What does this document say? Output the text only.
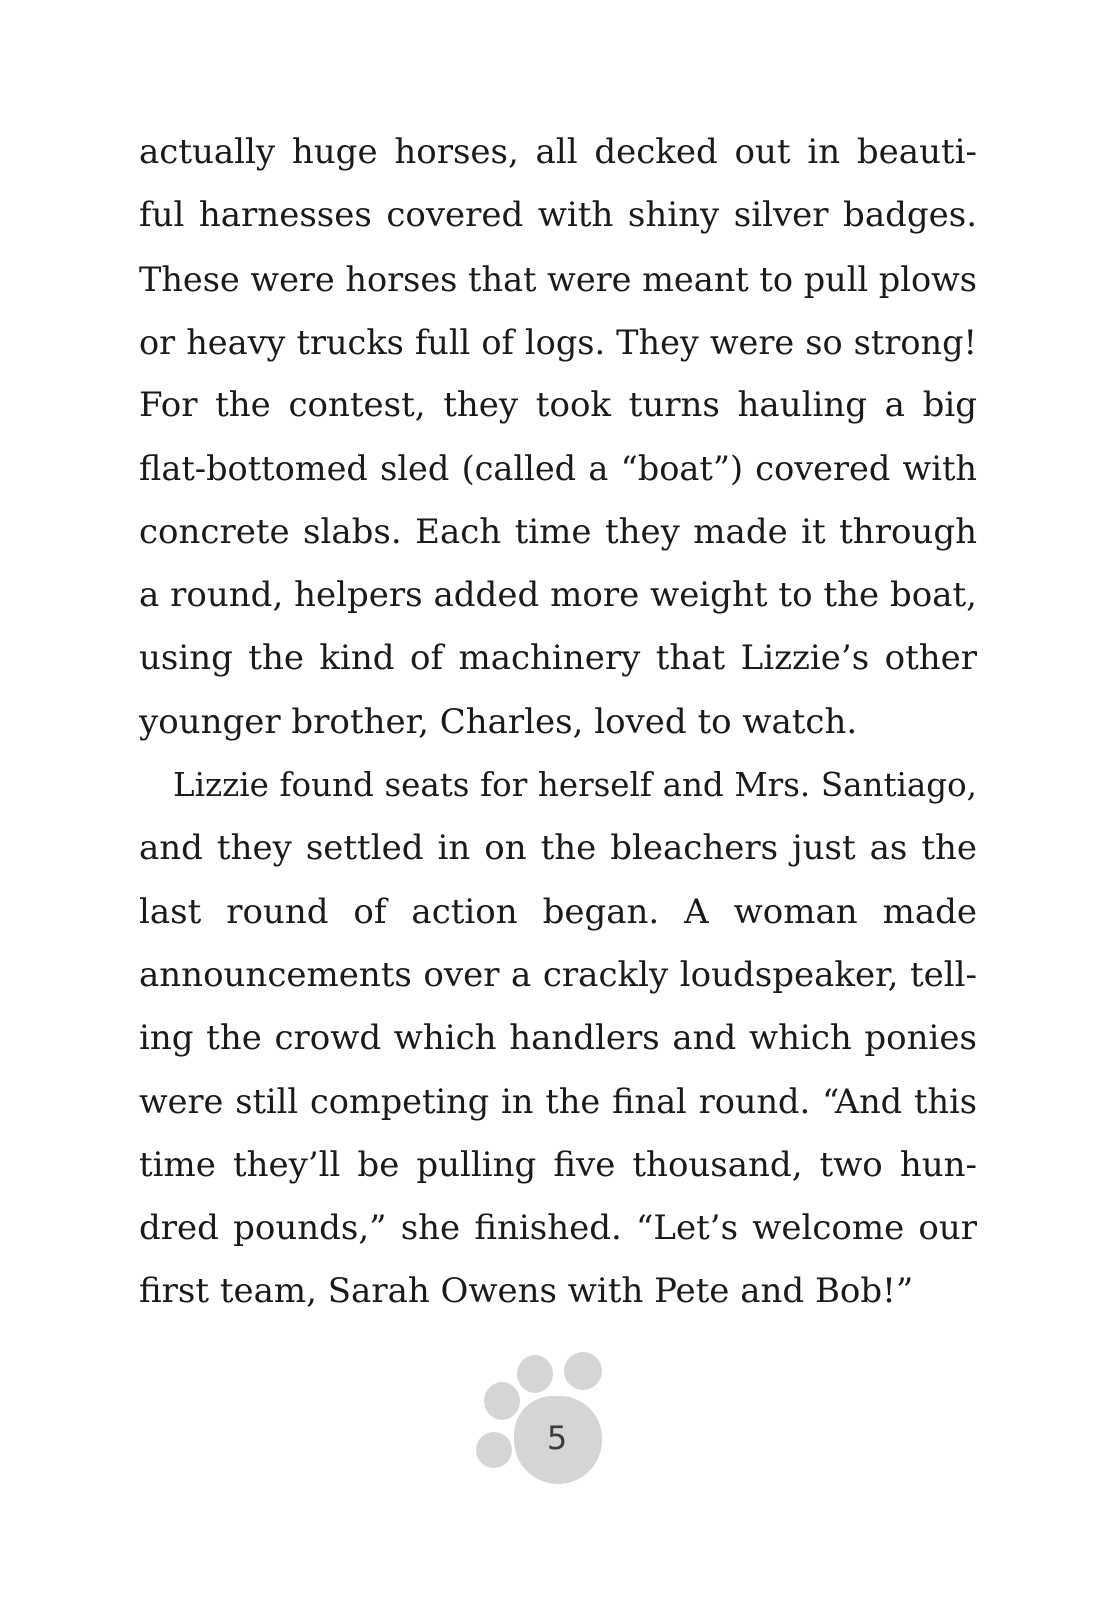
actually huge horses, all decked out in beauti-
ful harnesses covered with shiny silver badges.
These were horses that were meant to pull plows
or heavy trucks full of logs. They were so strong!
For the contest, they took turns hauling a big
flat-bottomed sled (called a “boat”) covered with
concrete slabs. Each time they made it through
a round, helpers added more weight to the boat,
using the kind of machinery that Lizzie’s other
younger brother, Charles, loved to watch.
Lizzie found seats for herself and Mrs. Santiago,
and they settled in on the bleachers just as the
last round of action began. A woman made
announcements over a crackly loudspeaker, tell-
ing the crowd which handlers and which ponies
were still competing in the final round. “And this
time they’ll be pulling five thousand, two hun-
dred pounds,” she finished. “Let’s welcome our
first team, Sarah Owens with Pete and Bob!”
5
